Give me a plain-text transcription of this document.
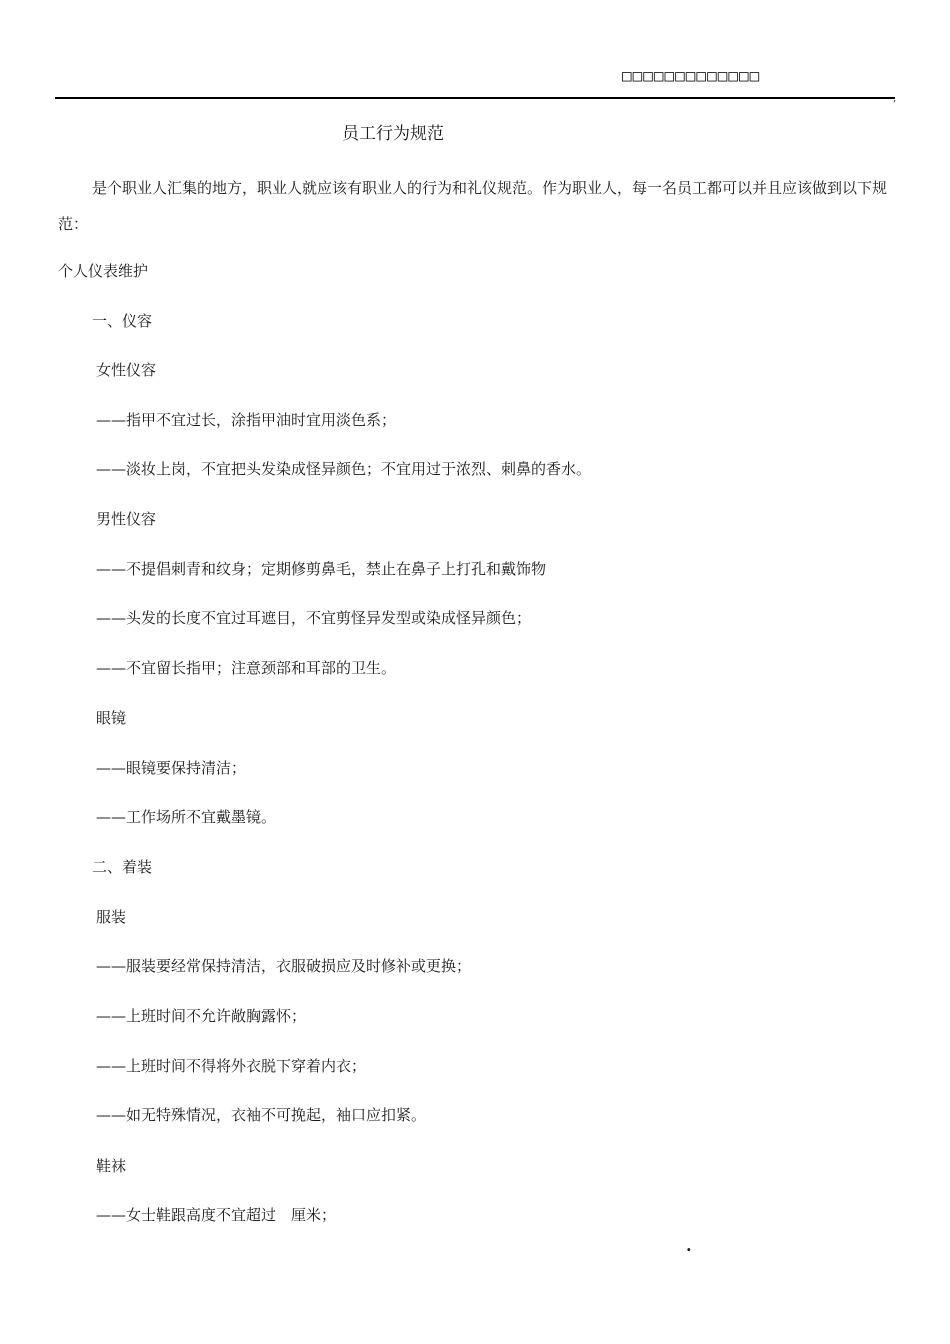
□□□□□□□□□□□□□
,
员工行为规范
是个职业人汇集的地方，职业人就应该有职业人的行为和礼仪规范。作为职业人，每一名员工都可以并且应该做到以下规范：
个人仪表维护
一、仪容
女性仪容
——指甲不宜过长，涂指甲油时宜用淡色系；
——淡妆上岗，不宜把头发染成怪异颜色；不宜用过于浓烈、刺鼻的香水。
男性仪容
——不提倡刺青和纹身；定期修剪鼻毛，禁止在鼻子上打孔和戴饰物
——头发的长度不宜过耳遮目，不宜剪怪异发型或染成怪异颜色；
——不宜留长指甲；注意颈部和耳部的卫生。
眼镜
——眼镜要保持清洁；
——工作场所不宜戴墨镜。
二、着装
服装
——服装要经常保持清洁，衣服破损应及时修补或更换；
——上班时间不允许敞胸露怀；
——上班时间不得将外衣脱下穿着内衣；
——如无特殊情况，衣袖不可挽起，袖口应扣紧。
鞋袜
——女士鞋跟高度不宜超过　厘米；
.
